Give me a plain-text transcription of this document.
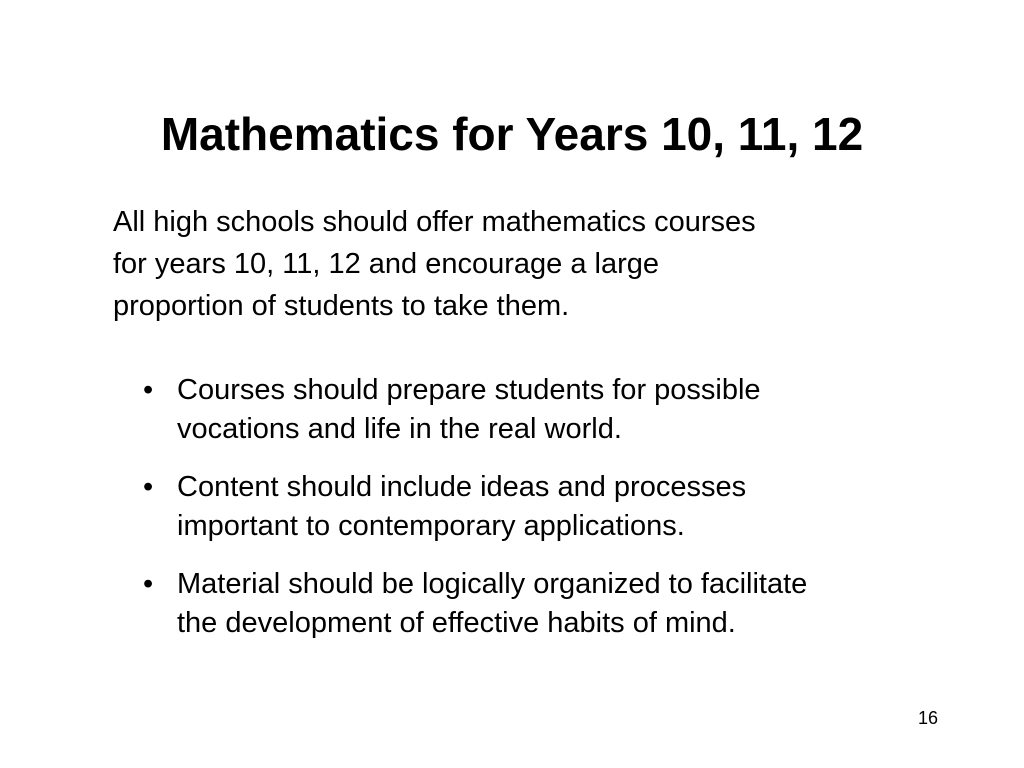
Mathematics for Years 10, 11, 12

All high schools should offer mathematics courses
for years 10, 11, 12 and encourage a large
proportion of students to take them.

• Courses should prepare students for possible
vocations and life in the real world.
• Content should include ideas and processes
important to contemporary applications.
• Material should be logically organized to facilitate
the development of effective habits of mind.
16
